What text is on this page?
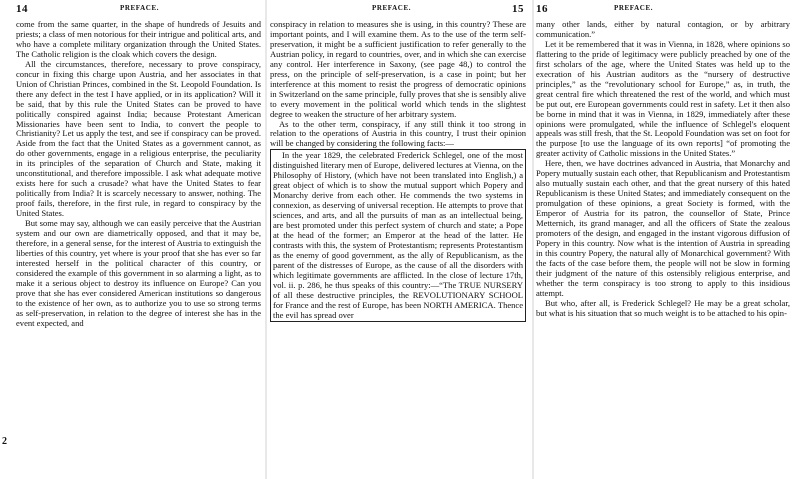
14	PREFACE.
2

come from the same quarter, in the shape of hundreds of Jesuits and priests; a class of men notorious for their intrigue and political arts, and who have a complete military organization through the United States. The Catholic religion is the cloak which covers the design.

All the circumstances, therefore, necessary to prove conspiracy, concur in fixing this charge upon Austria, and her associates in that Union of Christian Princes, combined in the St. Leopold Foundation. Is there any defect in the test I have applied, or in its application? Will it be said, that by this rule the United States can be proved to have politically conspired against India; because Protestant American Missionaries have been sent to India, to convert the people to Christianity? Let us apply the test, and see if conspiracy can be proved. Aside from the fact that the United States as a government cannot, as do other governments, engage in a religious enterprise, the peculiarity in its principles of the separation of Church and State, making it unconstitutional, and therefore impossible. I ask what adequate motive exists here for such a crusade? what have the United States to fear politically from India? It is scarcely necessary to answer, nothing. The proof fails, therefore, in the first rule, in regard to conspiracy by the United States.

But some may say, although we can easily perceive that the Austrian system and our own are diametrically opposed, and that it may be, therefore, in a general sense, for the interest of Austria to extinguish the liberties of this country, yet where is your proof that she has ever so far interested herself in the political character of this country, or considered the example of this government in so alarming a light, as to make it a serious object to destroy its influence on Europe? Can you prove that she has ever considered American institutions so dangerous to the existence of her own, as to authorize you to use so strong terms as self-preservation, in relation to the degree of interest she has in the event expected, and

PREFACE.	15

conspiracy in relation to measures she is using, in this country? These are important points, and I will examine them. As to the use of the term self-preservation, it might be a sufficient justification to refer generally to the Austrian policy, in regard to countries, over, and in which she can exercise any control. Her interference in Saxony, (see page 48,) to control the press, on the principle of self-preservation, is a case in point; but her interference at this moment to resist the progress of democratic opinions in Switzerland on the same principle, fully proves that she is sensibly alive to every movement in the political world which tends in the slightest degree to weaken the structure of her arbitrary system.

As to the other term, conspiracy, if any still think it too strong in relation to the operations of Austria in this country, I trust their opinion will be changed by considering the following facts:—

In the year 1829, the celebrated Frederick Schlegel, one of the most distinguished literary men of Europe, delivered lectures at Vienna, on the Philosophy of History, (which have not been translated into English,) a great object of which is to show the mutual support which Popery and Monarchy derive from each other. He commends the two systems in connexion, as deserving of universal reception. He attempts to prove that sciences, and arts, and all the pursuits of man as an intellectual being, are best promoted under this perfect system of church and state; a Pope at the head of the former; an Emperor at the head of the latter. He contrasts with this, the system of Protestantism; represents Protestantism as the enemy of good government, as the ally of Republicanism, as the parent of the distresses of Europe, as the cause of all the disorders with which legitimate governments are afflicted. In the close of lecture 17th, vol. ii. p. 286, he thus speaks of this country:—“The TRUE NURSERY of all these destructive principles, the REVOLUTIONARY SCHOOL for France and the rest of Europe, has been NORTH AMERICA. Thence the evil has spread over

16	PREFACE.

many other lands, either by natural contagion, or by arbitrary communication.”

Let it be remembered that it was in Vienna, in 1828, where opinions so flattering to the pride of legitimacy were publicly preached by one of the first scholars of the age, where the United States was held up to the execration of his Austrian auditors as the “nursery of destructive principles,” as the “revolutionary school for Europe,” as, in truth, the great central fire which threatened the rest of the world, and which must be put out, ere European governments could rest in safety. Let it then also be borne in mind that it was in Vienna, in 1829, immediately after these opinions were promulgated, while the influence of Schlegel's eloquent appeals was still fresh, that the St. Leopold Foundation was set on foot for the purpose [to use the language of its own reports] “of promoting the greater activity of Catholic missions in the United States.”

Here, then, we have doctrines advanced in Austria, that Monarchy and Popery mutually sustain each other, that Republicanism and Protestantism also mutually sustain each other, and that the great nursery of this hated Republicanism is these United States; and immediately consequent on the promulgation of these opinions, a great Society is formed, with the Emperor of Austria for its patron, the counsellor of State, Prince Metternich, its grand manager, and all the officers of State the zealous promoters of the design, and engaged in the instant vigorous diffusion of Popery in this country. Now what is the intention of Austria in spreading in this country Popery, the natural ally of Monarchical government? With the facts of the case before them, the people will not be slow in forming their judgment of the nature of this ostensibly religious enterprise, and whether the term conspiracy is too strong to apply to this insidious attempt.

But who, after all, is Frederick Schlegel? He may be a great scholar, but what is his situation that so much weight is to be attached to his opin-
